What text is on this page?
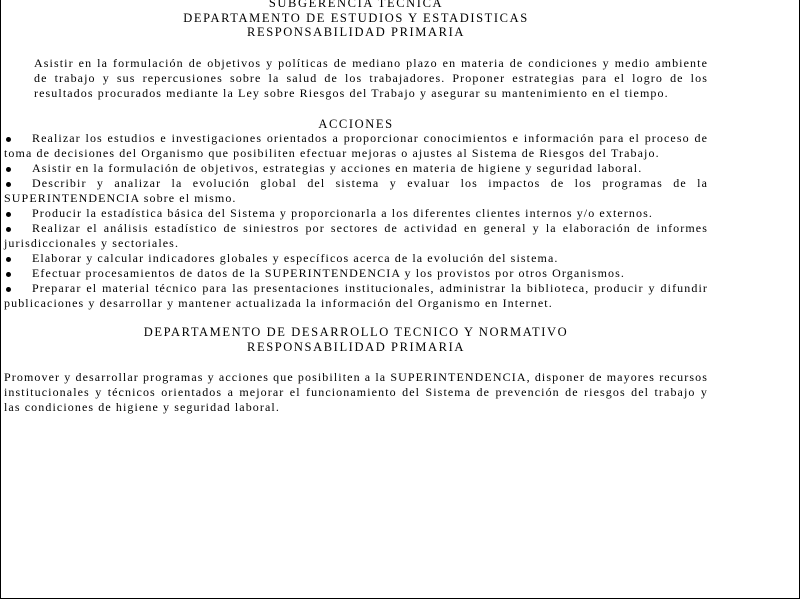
SUBGERENCIA TECNICA
DEPARTAMENTO DE ESTUDIOS Y ESTADISTICAS
RESPONSABILIDAD PRIMARIA
Asistir en la formulación de objetivos y políticas de mediano plazo en materia de condiciones y medio ambiente de trabajo y sus repercusiones sobre la salud de los trabajadores. Proponer estrategias para el logro de los resultados procurados mediante la Ley sobre Riesgos del Trabajo y asegurar su mantenimiento en el tiempo.
ACCIONES
Realizar los estudios e investigaciones orientados a proporcionar conocimientos e información para el proceso de toma de decisiones del Organismo que posibiliten efectuar mejoras o ajustes al Sistema de Riesgos del Trabajo.
Asistir en la formulación de objetivos, estrategias y acciones en materia de higiene y seguridad laboral.
Describir y analizar la evolución global del sistema y evaluar los impactos de los programas de la SUPERINTENDENCIA sobre el mismo.
Producir la estadística básica del Sistema y proporcionarla a los diferentes clientes internos y/o externos.
Realizar el análisis estadístico de siniestros por sectores de actividad en general y la elaboración de informes jurisdiccionales y sectoriales.
Elaborar y calcular indicadores globales y específicos acerca de la evolución del sistema.
Efectuar procesamientos de datos de la SUPERINTENDENCIA y los provistos por otros Organismos.
Preparar el material técnico para las presentaciones institucionales, administrar la biblioteca, producir y difundir publicaciones y desarrollar y mantener actualizada la información del Organismo en Internet.
DEPARTAMENTO DE DESARROLLO TECNICO Y NORMATIVO
RESPONSABILIDAD PRIMARIA
Promover y desarrollar programas y acciones que posibiliten a la SUPERINTENDENCIA, disponer de mayores recursos institucionales y técnicos orientados a mejorar el funcionamiento del Sistema de prevención de riesgos del trabajo y las condiciones de higiene y seguridad laboral.
